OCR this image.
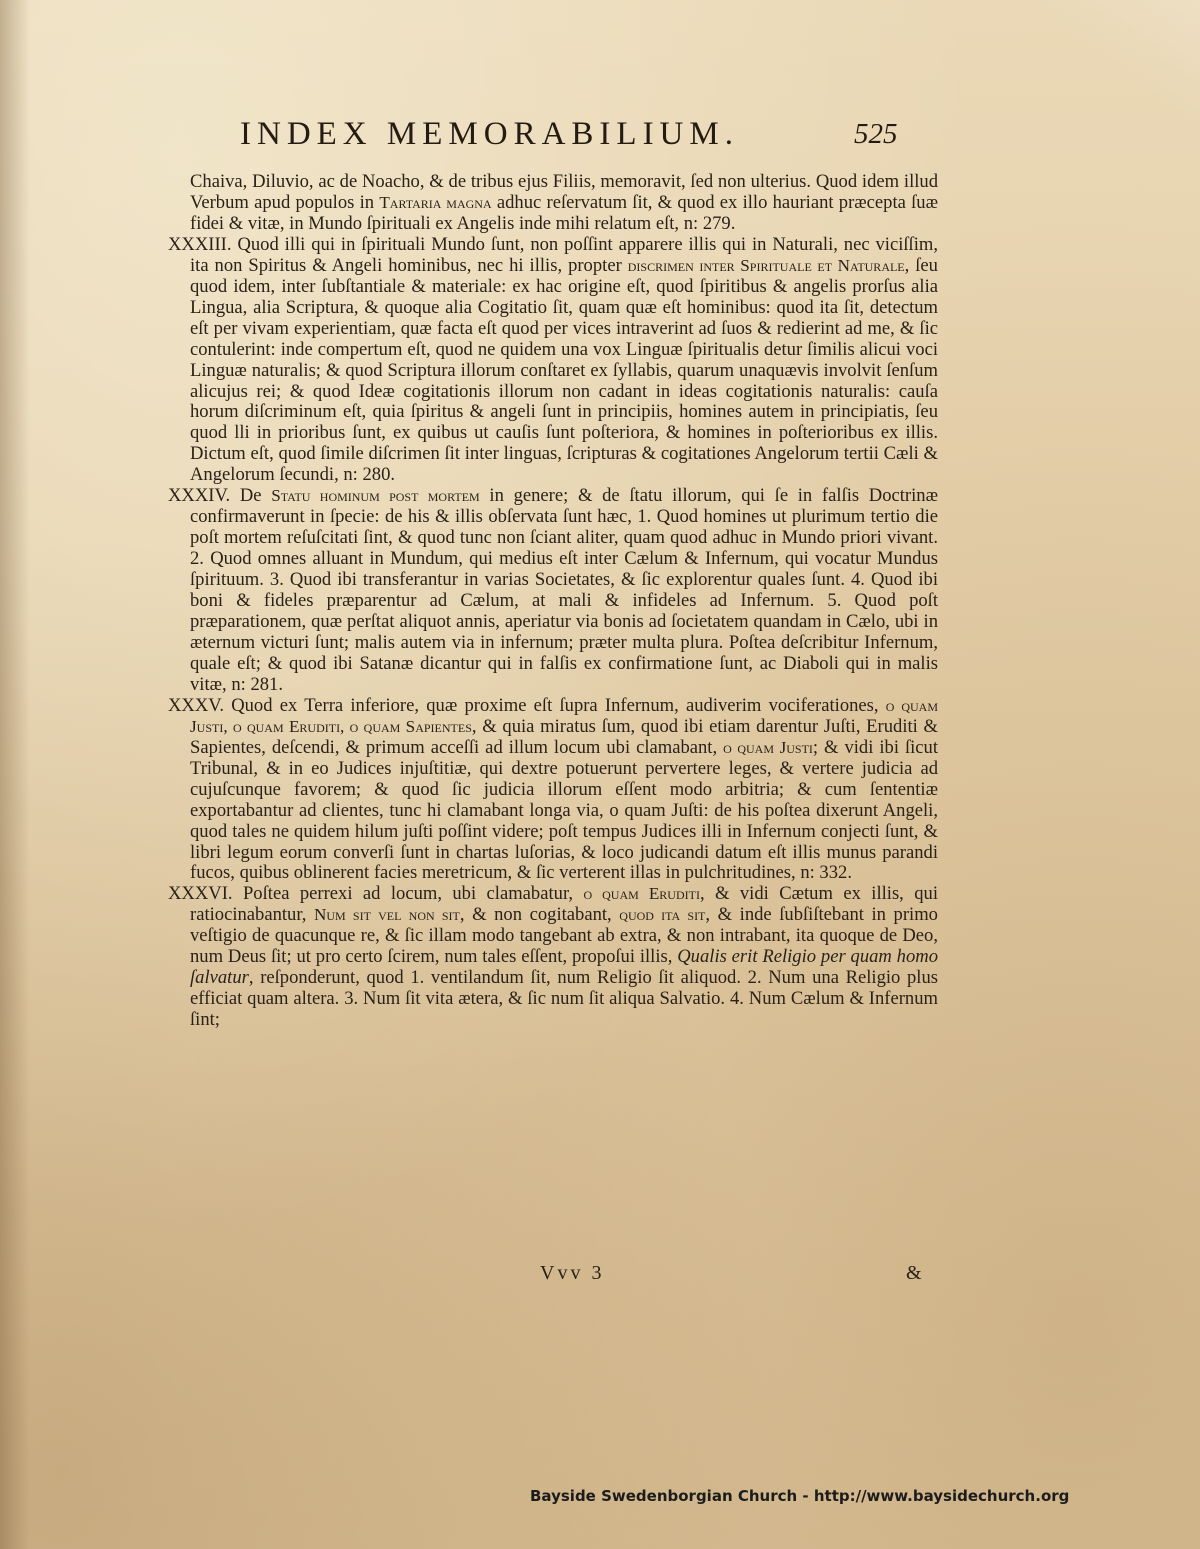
INDEX MEMORABILIUM.	525

Chaiva, Diluvio, ac de Noacho, & de tribus ejus Filiis, memoravit, ſed non ulterius. Quod idem illud Verbum apud populos in Tartaria magna adhuc reſervatum ſit, & quod ex illo hauriant præcepta ſuæ fidei & vitæ, in Mundo ſpirituali ex Angelis inde mihi relatum eſt, n: 279.

XXXIII. Quod illi qui in ſpirituali Mundo ſunt, non poſſint apparere illis qui in Naturali, nec viciſſim, ita non Spiritus & Angeli hominibus, nec hi illis, propter discrimen inter Spirituale et Naturale, ſeu quod idem, inter ſubſtantiale & materiale: ex hac origine eſt, quod ſpiritibus & angelis prorſus alia Lingua, alia Scriptura, & quoque alia Cogitatio ſit, quam quæ eſt hominibus: quod ita ſit, detectum eſt per vivam experientiam, quæ facta eſt quod per vices intraverint ad ſuos & redierint ad me, & ſic contulerint: inde compertum eſt, quod ne quidem una vox Linguæ ſpiritualis detur ſimilis alicui voci Linguæ naturalis; & quod Scriptura illorum conſtaret ex ſyllabis, quarum unaquævis involvit ſenſum alicujus rei; & quod Ideæ cogitationis illorum non cadant in ideas cogitationis naturalis: cauſa horum diſcriminum eſt, quia ſpiritus & angeli ſunt in principiis, homines autem in principiatis, ſeu quod lli in prioribus ſunt, ex quibus ut cauſis ſunt poſteriora, & homines in poſterioribus ex illis. Dictum eſt, quod ſimile diſcrimen ſit inter linguas, ſcripturas & cogitationes Angelorum tertii Cæli & Angelorum ſecundi, n: 280.

XXXIV. De Statu hominum post mortem in genere; & de ſtatu illorum, qui ſe in falſis Doctrinæ confirmaverunt in ſpecie: de his & illis obſervata ſunt hæc, 1. Quod homines ut plurimum tertio die poſt mortem reſuſcitati ſint, & quod tunc non ſciant aliter, quam quod adhuc in Mundo priori vivant. 2. Quod omnes alluant in Mundum, qui medius eſt inter Cælum & Infernum, qui vocatur Mundus ſpirituum. 3. Quod ibi transferantur in varias Societates, & ſic explorentur quales ſunt. 4. Quod ibi boni & fideles præparentur ad Cælum, at mali & infideles ad Infernum. 5. Quod poſt præparationem, quæ perſtat aliquot annis, aperiatur via bonis ad ſocietatem quandam in Cælo, ubi in æternum victuri ſunt; malis autem via in infernum; præter multa plura. Poſtea deſcribitur Infernum, quale eſt; & quod ibi Satanæ dicantur qui in falſis ex confirmatione ſunt, ac Diaboli qui in malis vitæ, n: 281.

XXXV. Quod ex Terra inferiore, quæ proxime eſt ſupra Infernum, audiverim vociferationes, o quam Justi, o quam Eruditi, o quam Sapientes, & quia miratus ſum, quod ibi etiam darentur Juſti, Eruditi & Sapientes, deſcendi, & primum acceſſi ad illum locum ubi clamabant, o quam Justi; & vidi ibi ſicut Tribunal, & in eo Judices injuſtitiæ, qui dextre potuerunt pervertere leges, & vertere judicia ad cujuſcunque favorem; & quod ſic judicia illorum eſſent modo arbitria; & cum ſententiæ exportabantur ad clientes, tunc hi clamabant longa via, o quam Juſti: de his poſtea dixerunt Angeli, quod tales ne quidem hilum juſti poſſint videre; poſt tempus Judices illi in Infernum conjecti ſunt, & libri legum eorum converſi ſunt in chartas luſorias, & loco judicandi datum eſt illis munus parandi fucos, quibus oblinerent facies meretricum, & ſic verterent illas in pulchritudines, n: 332.

XXXVI. Poſtea perrexi ad locum, ubi clamabatur, o quam Eruditi, & vidi Cætum ex illis, qui ratiocinabantur, Num sit vel non sit, & non cogitabant, quod ita sit, & inde ſubſiſtebant in primo veſtigio de quacunque re, & ſic illam modo tangebant ab extra, & non intrabant, ita quoque de Deo, num Deus ſit; ut pro certo ſcirem, num tales eſſent, propoſui illis, Qualis erit Religio per quam homo ſalvatur, reſponderunt, quod 1. ventilandum ſit, num Religio ſit aliquod. 2. Num una Religio plus efficiat quam altera. 3. Num ſit vita ætera, & ſic num ſit aliqua Salvatio. 4. Num Cælum & Infernum ſint;

Vvv 3	&
Bayside Swedenborgian Church - http://www.baysidechurch.org
